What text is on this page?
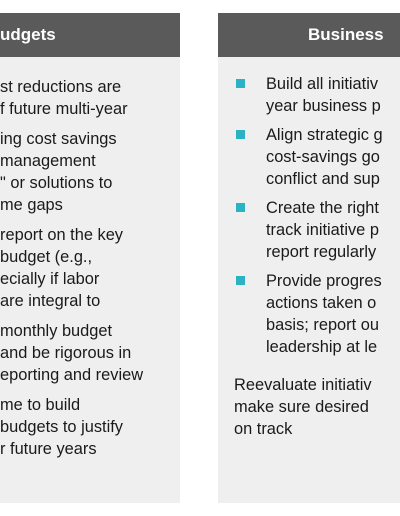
udgets
st reductions are
f future multi-year
ing cost savings
management
" or solutions to
me gaps
report on the key
budget (e.g.,
ecially if labor
are integral to
monthly budget
and be rigorous in
eporting and review
me to build
budgets to justify
r future years
Business
Build all initiativ
year business p
Align strategic g
cost-savings go
conflict and sup
Create the right
track initiative p
report regularly
Provide progres
actions taken o
basis; report ou
leadership at le
Reevaluate initiativ
make sure desired
on track
